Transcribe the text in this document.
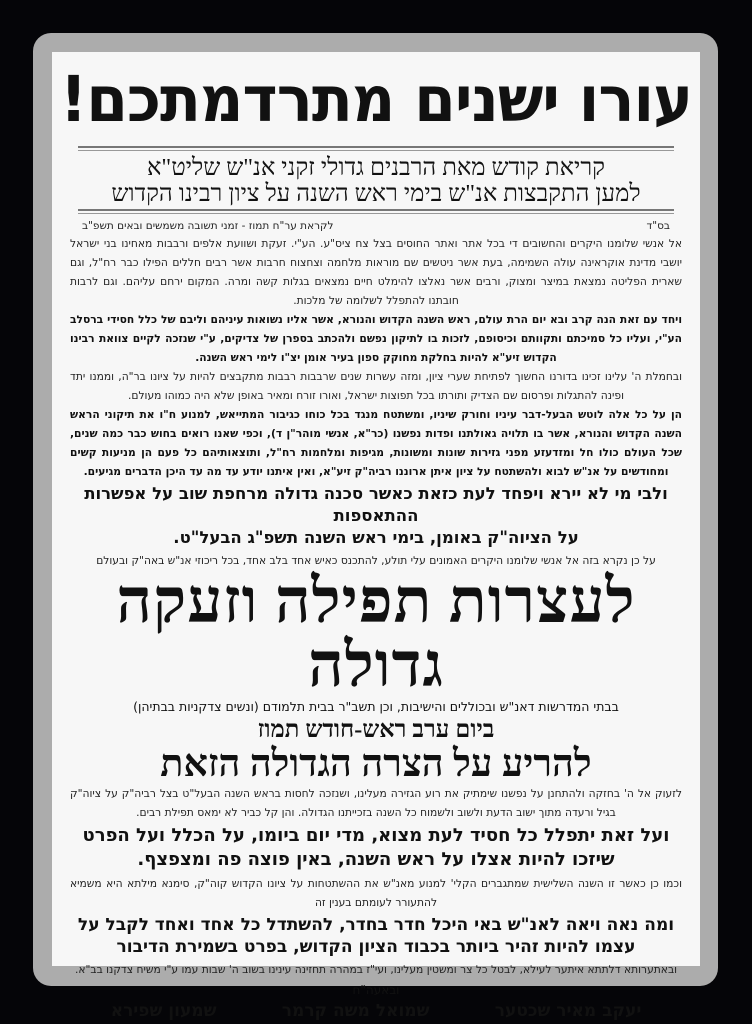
עורו ישנים מתרדמתכם!
קריאת קודש מאת הרבנים גדולי זקני אנ"ש שליט"א
למען התקבצות אנ"ש בימי ראש השנה על ציון רבינו הקדוש
בס"ד
לקראת ער"ח תמוז - זמני תשובה משמשים ובאים תשפ"ב
אל אנשי שלומנו היקרים והחשובים די בכל אתר ואתר החוסים בצל צח ציס"ע. הע"י. זעקת ושוועת אלפים ורבבות מאחינו בני ישראל יושבי מדינת אוקראינה עולה השמימה, בעת אשר ניטשים שם מוראות מלחמה וצחצוח חרבות אשר רבים חללים הפילו כבר רח"ל, וגם שארית הפליטה נמצאת במיצר ומצוק, ורבים אשר נאלצו להימלט חיים נמצאים בגלות קשה ומרה. המקום ירחם עליהם. וגם לרבות חובתנו להתפלל לשלומה של מלכות.
ויחד עם זאת הנה קרב ובא יום הרת עולם, ראש השנה הקדוש והנורא, אשר אליו נשואות עיניהם וליבם של כלל חסידי ברסלב הע"י, ועליו כל סמיכתם ותקוותם וכיסופם, לזכות בו לתיקון נפשם ולהכתב בספרן של צדיקים, ע"י שנזכה לקיים צוואת רבינו הקדוש זיע"א להיות בחלקת מחוקק ספון בעיר אומן יצ"ו לימי ראש השנה.
ובחמלת ה' עלינו זכינו בדורנו החשוך לפתיחת שערי ציון, ומזה עשרות שנים שרבבות רבבות מתקבצים להיות על ציונו בר"ה, וממנו יתד ופינה להתגלות ופרסום שם הצדיק ותורתו בכל תפוצות ישראל, ואורו זורח ומאיר באופן שלא היה כמוהו מעולם.
הן על כל אלה לוטש הבעל-דבר עיניו וחורק שיניו, ומשתטח מנגד בכל כוחו כגיבור המתייאש, למנוע ח"ו את תיקוני הראש השנה הקדוש והנורא, אשר בו תלויה גאולתנו ופדות נפשנו (כר"א, אנשי מוהר"ן ד), וכפי שאנו רואים בחוש כבר כמה שנים, שכל העולם כולו חל ומזדעזע מפני גזירות שונות ומשונות, מגיפות ומלחמות רח"ל, ותוצאותיהם כל פעם הן מניעות קשים ומחודשים על אנ"ש לבוא ולהשתטח על ציון איתן ארוננו רביה"ק זיע"א, ואין איתנו יודע עד מה עד היכן הדברים מגיעים.
ולבי מי לא יירא ויפחד לעת כזאת כאשר סכנה גדולה מרחפת שוב על אפשרות ההתאספות
על הציוה"ק באומן, בימי ראש השנה תשפ"ג הבעל"ט.
על כן נקרא בזה אל אנשי שלומנו היקרים האמונים עלי תולע, להתכנס כאיש אחד בלב אחד, בכל ריכוזי אנ"ש באה"ק ובעולם
לעצרות תפילה וזעקה גדולה
בבתי המדרשות דאנ"ש ובכוללים והישיבות, וכן תשב"ר בבית תלמודם (ונשים צדקניות בבתיהן)
ביום ערב ראש-חודש תמוז
להריע על הצרה הגדולה הזאת
לזעוק אל ה' בחזקה ולהתחנן על נפשנו שימתיק את רוע הגזירה מעלינו, ושנזכה לחסות בראש השנה הבעל"ט בצל רביה"ק על ציוה"ק בגיל ורעדה מתוך ישוב הדעת ולשוב ולשמוח כל השנה בזכייתנו הגדולה. והן קל כביר לא ימאס תפילת רבים.
ועל זאת יתפלל כל חסיד לעת מצוא, מדי יום ביומו, על הכלל ועל הפרט
שיזכו להיות אצלו על ראש השנה, באין פוצה פה ומצפצף.
וכמו כן כאשר זו השנה השלישית שמתגברים הקלי' למנוע מאנ"ש את ההשתטחות על ציונו הקדוש קוה"ק, סימנא מילתא היא משמיא להתעורר לעומתם בענין זה
ומה נאה ויאה לאנ"ש באי היכל חדר בחדר, להשתדל כל אחד ואחד לקבל על
עצמו להיות זהיר ביותר בכבוד הציון הקדוש, בפרט בשמירת הדיבור
ובאתערותא דלתתא איתער לעילא, לבטל כל צר ומשטין מעלינו, ועי"ז במהרה תחזינה עינינו בשוב ה' שבות עמו ע"י משיח צדקנו בב"א.
ובאעה"ח
יעקב מאיר שכטער
שמואל משה קרמר
שמעון שפירא
